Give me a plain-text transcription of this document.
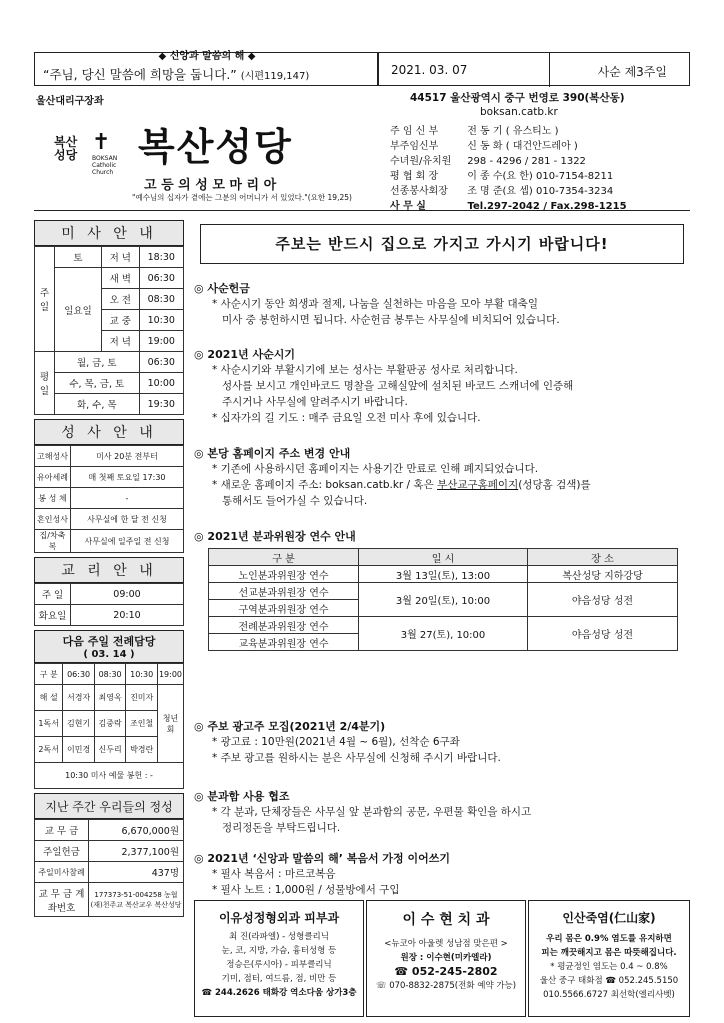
◆ 신앙과 말씀의 해 ◆
“주님, 당신 말씀에 희망을 둡니다.” (시편119,147)	2021. 03. 07	사순 제3주일
울산대리구장좌
복산
성당 ✝
BOKSAN Catholic Church
복산성당
고 등 의 성 모 마 리 아
"예수님의 십자가 곁에는 그분의 어머니가 서 있었다."(요한 19,25)
44517 울산광역시 중구 번영로 390(복산동)
boksan.catb.kr
주 임 신 부	전 동 기 ( 유스티노 )
부주임신부	신 동 화 ( 대건안드레아 )
수녀원/유치원 298 - 4296 / 281 - 1322
평 협 회 장	이 종 수(요 한) 010-7154-8211
선종봉사회장 조 명 준(요 셉) 010-7354-3234
사 무 실	Tel.297-2042 / Fax.298-1215
미 사 안 내
주일	토	저 녁	18:30
	일요일	새 벽	06:30
		오 전	08:30
		교 중	10:30
		저 녁	19:00
평일	월, 금, 토		06:30
	수, 목, 금, 토		10:00
	화, 수, 목		19:30
성 사 안 내
고해성사	미사 20분 전부터
유아세례	매 첫째 토요일 17:30
봉 성 체	-
혼인성사	사무실에 한 달 전 신청
집/차축복	사무실에 일주일 전 신청
교 리 안 내
주 일	09:00
화요일	20:10
다음 주일 전례담당
( 03. 14 )
구 분	06:30	08:30	10:30	19:00
해 설	서경자	최영옥	진미자	청년회
1독서	김현기	김중락	조인철	
2독서	이민경	신두리	박경란	
10:30 미사 예물 봉헌 : -				
지난 주간 우리들의 정성
교 무 금	6,670,000원
주일헌금	2,377,100원
주일미사참례	437명
교 무 금 계좌번호	177373-51-004258 농협 (재)천주교 복산교우 복산성당
주보는 반드시 집으로 가지고 가시기 바랍니다!
◎ 사순헌금

* 사순시기 동안 희생과 절제, 나눔을 실천하는 마음을 모아 부활 대축일

미사 중 봉헌하시면 됩니다. 사순헌금 봉투는 사무실에 비치되어 있습니다.

◎ 2021년 사순시기

* 사순시기와 부활시기에 보는 성사는 부활판공 성사로 처리합니다.

성사를 보시고 개인바코드 명찰을 고해실앞에 설치된 바코드 스캐너에 인증해

주시거나 사무실에 알려주시기 바랍니다.

* 십자가의 길 기도 : 매주 금요일 오전 미사 후에 있습니다.

◎ 본당 홈페이지 주소 변경 안내

* 기존에 사용하시던 홈페이지는 사용기간 만료로 인해 폐지되었습니다.

* 새로운 홈페이지 주소: boksan.catb.kr / 혹은 부산교구홈페이지(성당홈 검색)를

통해서도 들어가실 수 있습니다.

◎ 2021년 분과위원장 연수 안내
구 분	일 시	장 소
노인분과위원장 연수	3월 13일(토), 13:00	복산성당 지하강당
선교분과위원장 연수	3월 20일(토), 10:00	야음성당 성전
구역분과위원장 연수		
전례분과위원장 연수	3월 27(토), 10:00	야음성당 성전
교육분과위원장 연수		
◎ 주보 광고주 모집(2021년 2/4분기)

* 광고료 : 10만원(2021년 4월 ~ 6월), 선착순 6구좌

* 주보 광고를 원하시는 분은 사무실에 신청해 주시기 바랍니다.

◎ 분과함 사용 협조

* 각 분과, 단체장들은 사무실 앞 분과함의 공문, 우편물 확인을 하시고

정리정돈을 부탁드립니다.

◎ 2021년 ‘신앙과 말씀의 해’ 복음서 가정 이어쓰기

* 필사 복음서 : 마르코복음

* 필사 노트 : 1,000원 / 성물방에서 구입

이유성정형외과 피부과
최 진(라파엘) - 성형클리닉
눈, 코, 지방, 가슴, 흉터성형 등
정승은(루시아) - 피부클리닉
기미, 점터, 여드름, 점, 비만 등
☎ 244.2626 태화강 역소다움 상가3층
이 수 현 치 과
<뉴코아 아울렛 성남점 맞은편 >
원장 : 이수현(미카엘라)
☎ 052-245-2802
☏ 070-8832-2875(전화 예약 가능)
인산죽염(仁山家)
우리 몸은 0.9% 염도를 유지하면
피는 깨끗해지고 몸은 따뜻해집니다.
* 평균정인 염도는 0.4 ~ 0.8%
울산 중구 태화점 ☎ 052.245.5150
010.5566.6727 최선학(엘리사벳)
